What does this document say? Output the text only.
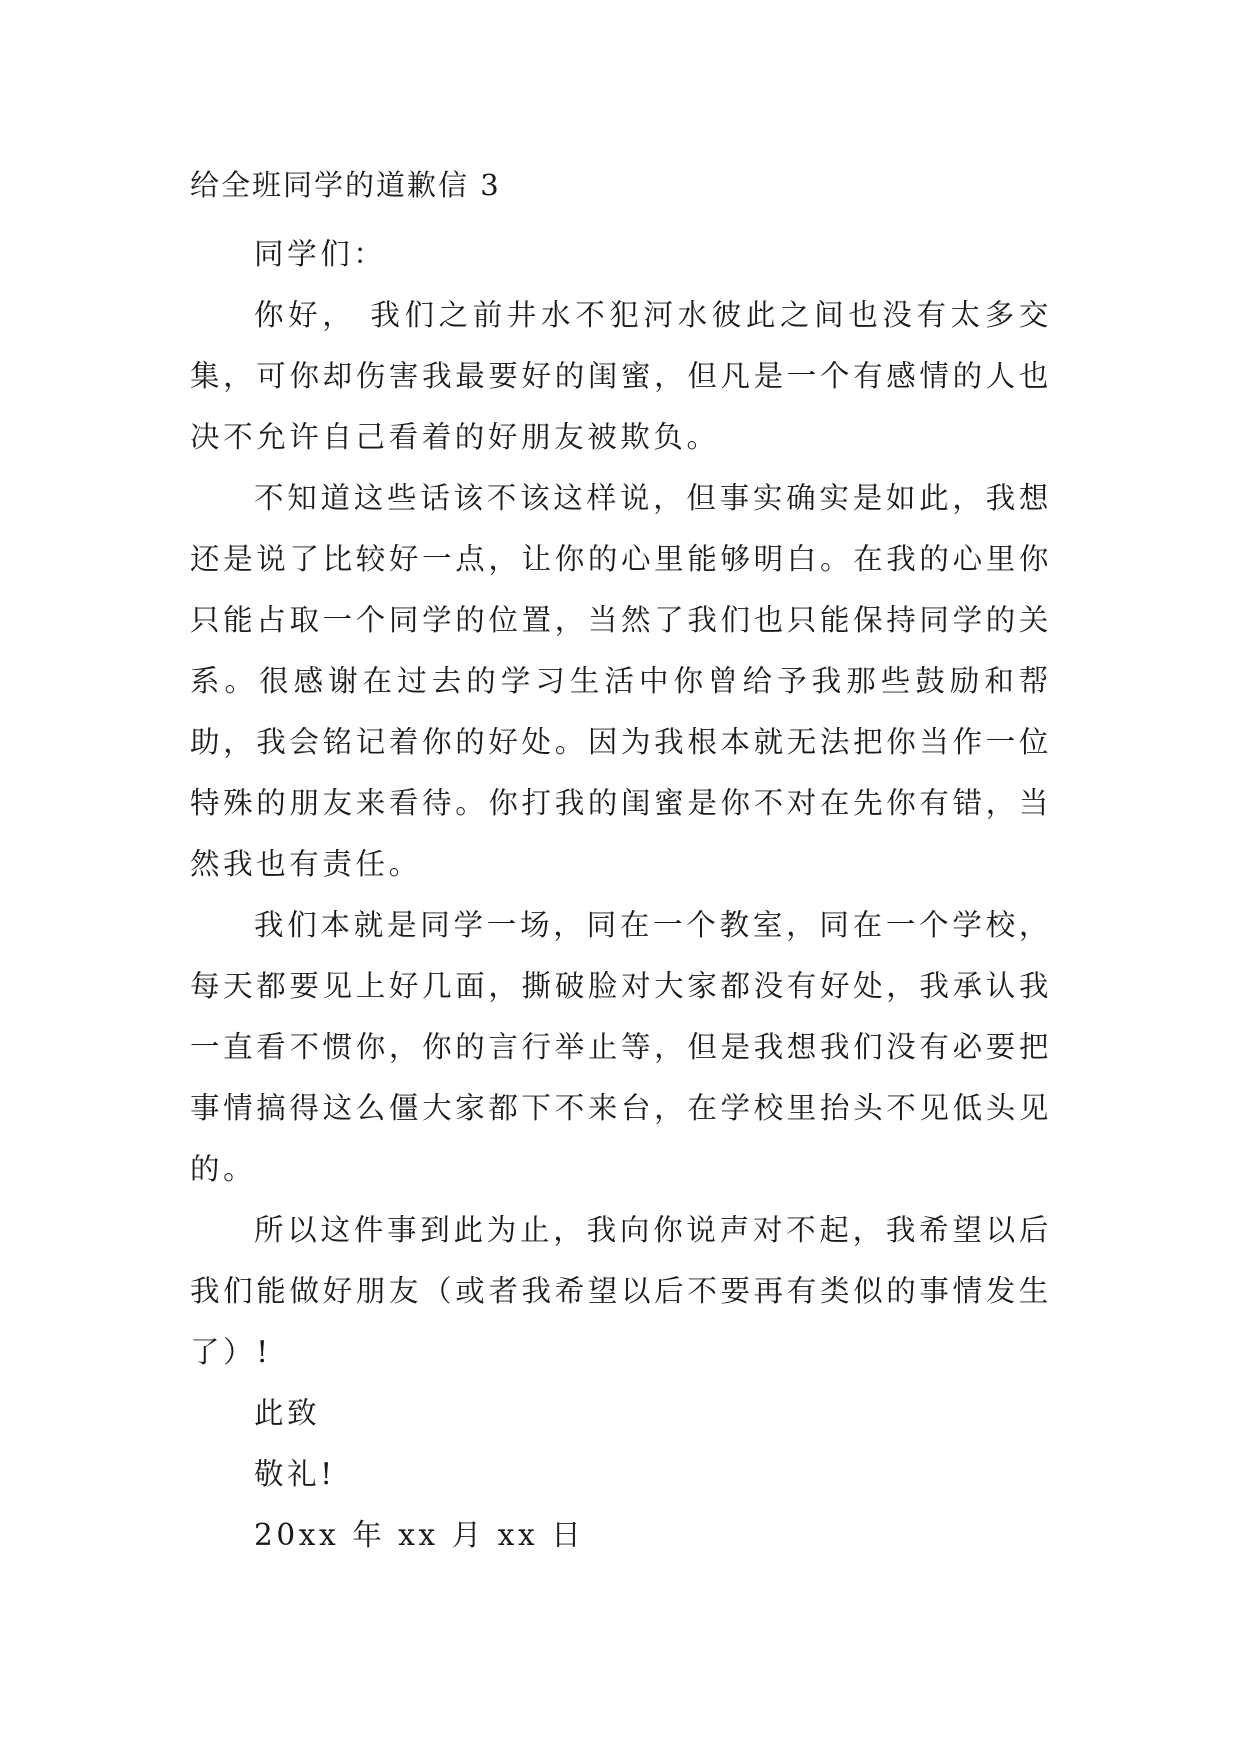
给全班同学的道歉信 3

同学们：

你好， 我们之前井水不犯河水彼此之间也没有太多交集，可你却伤害我最要好的闺蜜，但凡是一个有感情的人也决不允许自己看着的好朋友被欺负。

不知道这些话该不该这样说，但事实确实是如此，我想还是说了比较好一点，让你的心里能够明白。在我的心里你只能占取一个同学的位置，当然了我们也只能保持同学的关系。很感谢在过去的学习生活中你曾给予我那些鼓励和帮助，我会铭记着你的好处。因为我根本就无法把你当作一位特殊的朋友来看待。你打我的闺蜜是你不对在先你有错，当然我也有责任。

我们本就是同学一场，同在一个教室，同在一个学校，每天都要见上好几面，撕破脸对大家都没有好处，我承认我一直看不惯你，你的言行举止等，但是我想我们没有必要把事情搞得这么僵大家都下不来台，在学校里抬头不见低头见的。

所以这件事到此为止，我向你说声对不起，我希望以后我们能做好朋友（或者我希望以后不要再有类似的事情发生了）!

此致

敬礼!

20xx 年 xx 月 xx 日
